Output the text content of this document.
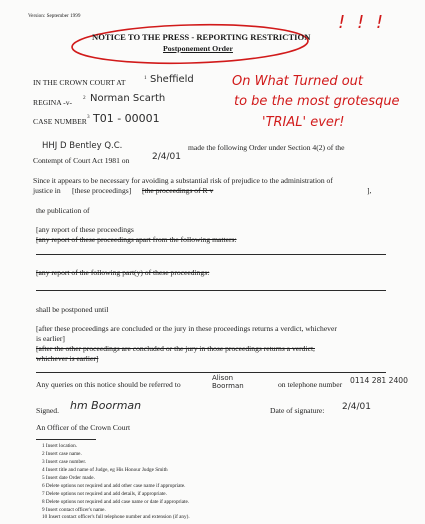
Version: September 1999
NOTICE TO THE PRESS - REPORTING RESTRICTION
Postponement Order
! ! !
On What Turned out
to be the most grotesque
'TRIAL' ever!
IN THE CROWN COURT AT	1 Sheffield
REGINA -v- 2 Norman Scarth
CASE NUMBER 3 T01 - 00001
HHJ D Bentley Q.C.	made the following Order under Section 4(2) of the
Contempt of Court Act 1981 on	2/4/01
Since it appears to be necessary for avoiding a substantial risk of prejudice to the administration of
justice in [these proceedings] [the proceedings of R v	],
the publication of
[any report of these proceedings
[any report of these proceedings apart from the following matters:
[any report of the following part(y) of these proceedings:
shall be postponed until
[after these proceedings are concluded or the jury in these proceedings returns a verdict, whichever
is earlier]
[after the other proceedings are concluded or the jury in those proceedings returns a verdict,
whichever is earlier]
Any queries on this notice should be referred to
Alison Boorman	on telephone number 0114 281 2400
Signed. hm Boorman	Date of signature: 2/4/01
An Officer of the Crown Court
1 Insert location.
2 Insert case name.
3 Insert case number.
4 Insert title and name of Judge, eg His Honour Judge Smith
5 Insert date Order made.
6 Delete options not required and add other case name if appropriate.
7 Delete options not required and add details, if appropriate.
8 Delete options not required and add case name or date if appropriate.
9 Insert contact officer's name.
10 Insert contact officer's full telephone number and extension (if any).
